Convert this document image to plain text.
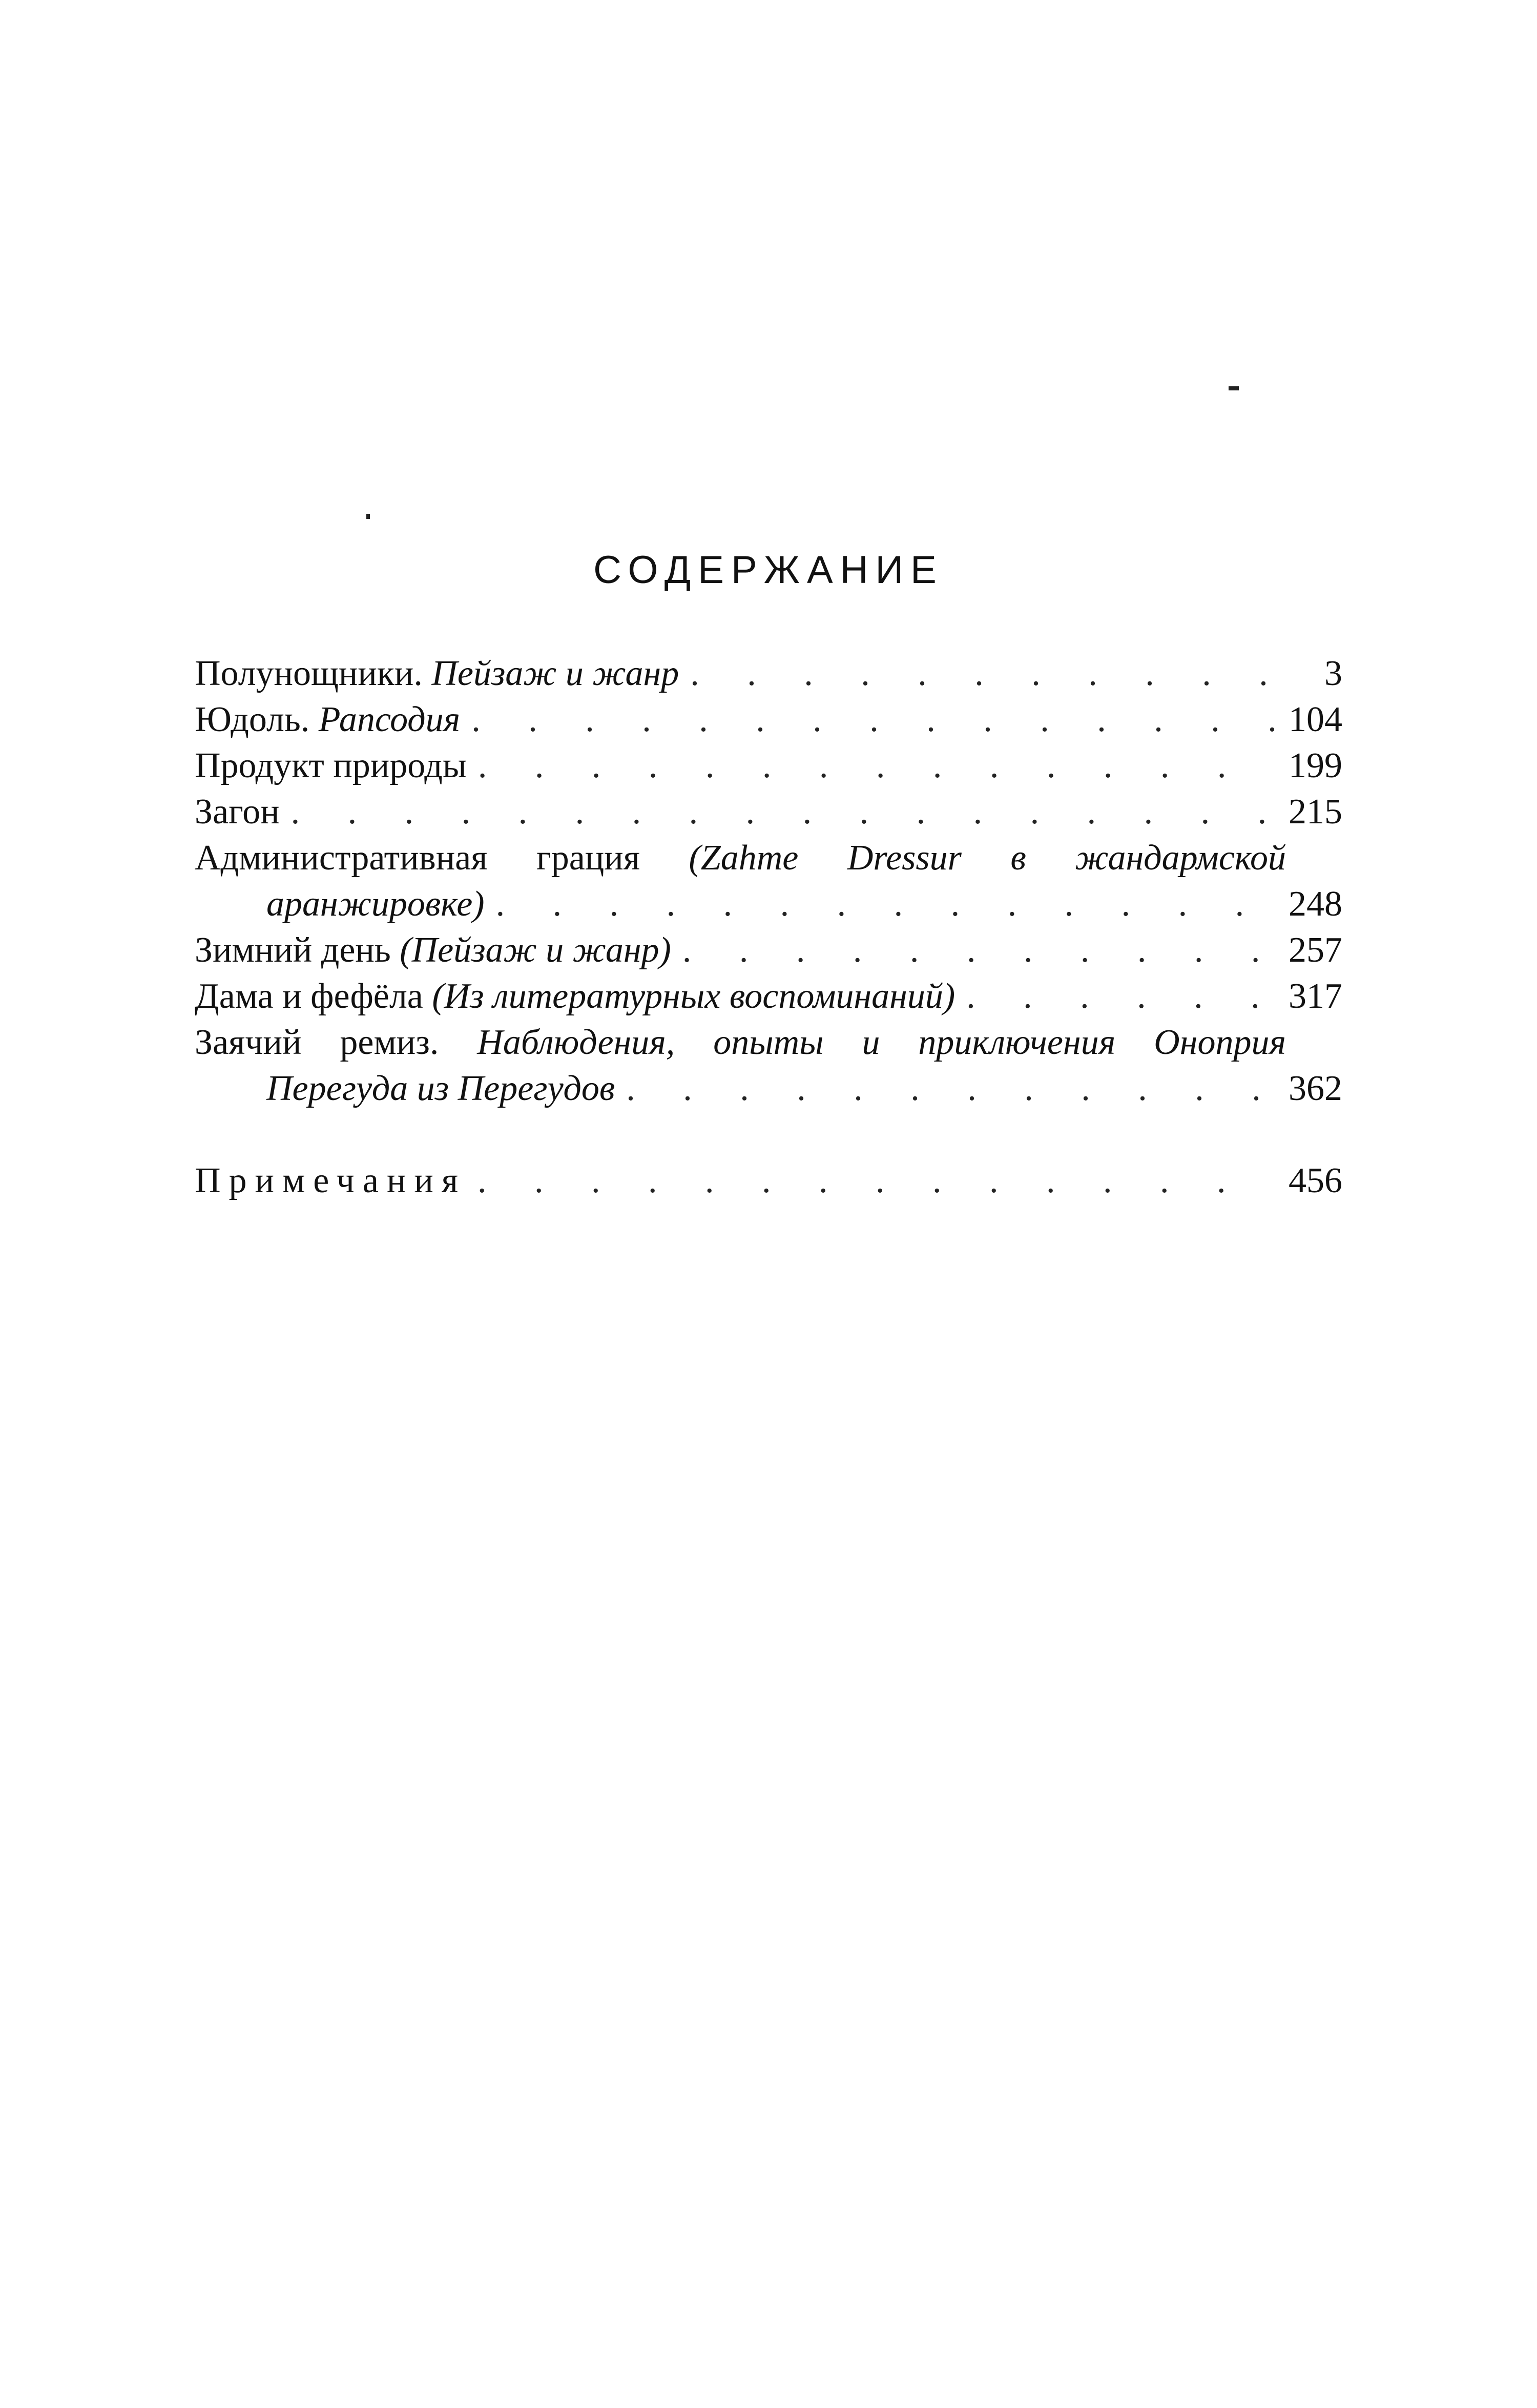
СОДЕРЖАНИЕ
Полунощники. Пейзаж и жанр . . .	3
Юдоль. Рапсодия . . .	104
Продукт природы . . .	199
Загон . . .	215
Административная грация (Zahme Dressur в жандармской
аранжировке) . . .	248
Зимний день (Пейзаж и жанр) . . .	257
Дама и фефёла (Из литературных воспоминаний) . . .	317
Заячий ремиз. Наблюдения, опыты и приключения Оноприя
Перегуда из Перегудов . . .	362
Примечания . . .	456
